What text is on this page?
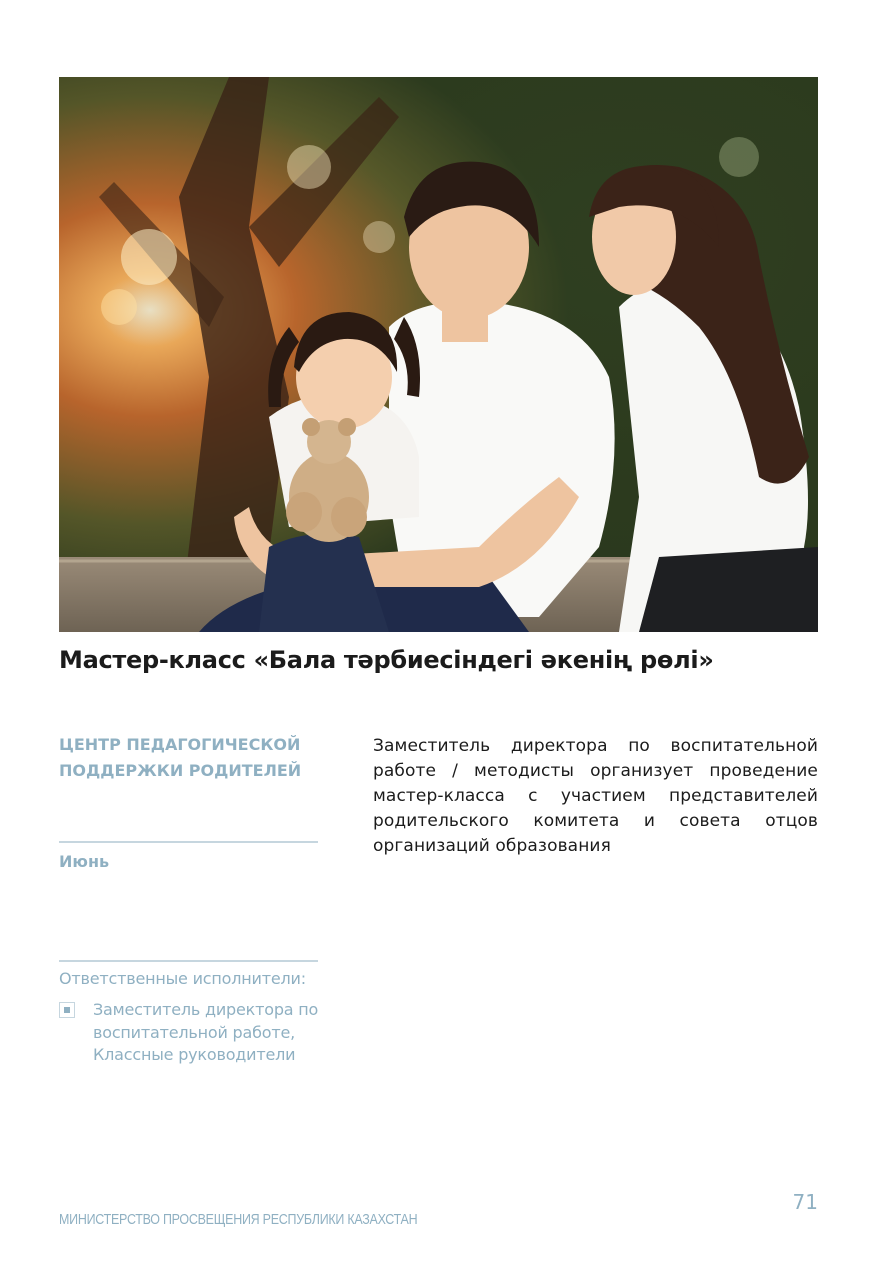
Мастер-класс «Бала тәрбиесіндегі әкенің рөлі»
ЦЕНТР ПЕДАГОГИЧЕСКОЙ
ПОДДЕРЖКИ РОДИТЕЛЕЙ
Июнь
Ответственные исполнители:
Заместитель директора по воспитательной работе, Классные руководители
Заместитель директора по воспитательной работе / методисты организует проведение мастер-класса с участием представителей родительского комитета и совета отцов организаций образования
71
МИНИСТЕРСТВО ПРОСВЕЩЕНИЯ РЕСПУБЛИКИ КАЗАХСТАН
